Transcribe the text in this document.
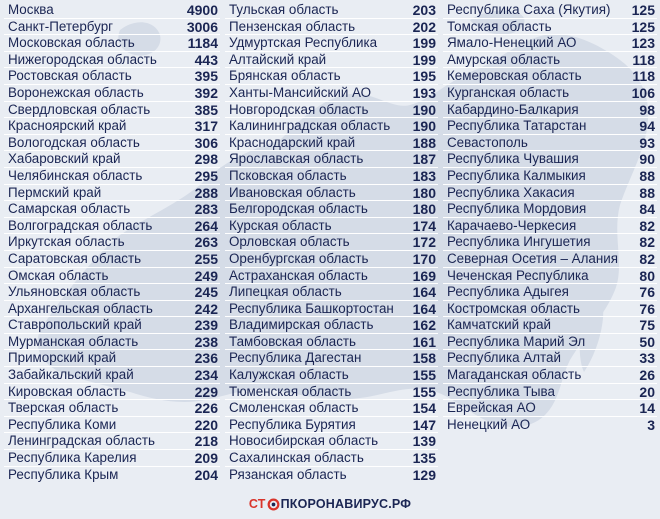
Москва	4900
Санкт-Петербург	3006
Московская область	1184
Нижегородская область	443
Ростовская область	395
Воронежская область	392
Свердловская область	385
Красноярский край	317
Вологодская область	306
Хабаровский край	298
Челябинская область	295
Пермский край	288
Самарская область	283
Волгоградская область	264
Иркутская область	263
Саратовская область	255
Омская область	249
Ульяновская область	245
Архангельская область	242
Ставропольский край	239
Мурманская область	238
Приморский край	236
Забайкальский край	234
Кировская область	229
Тверская область	226
Республика Коми	220
Ленинградская область	218
Республика Карелия	209
Республика Крым	204
Тульская область	203
Пензенская область	202
Удмуртская Республика	199
Алтайский край	199
Брянская область	195
Ханты-Мансийский АО	193
Новгородская область	190
Калининградская область 190
Краснодарский край	188
Ярославская область	187
Псковская область	183
Ивановская область	180
Белгородская область	180
Курская область	174
Орловская область	172
Оренбургская область	170
Астраханская область	169
Липецкая область	164
Республика Башкортостан 164
Владимирская область	162
Тамбовская область	161
Республика Дагестан	158
Калужская область	155
Тюменская область	155
Смоленская область	154
Республика Бурятия	147
Новосибирская область 139
Сахалинская область	135
Рязанская область	129
Республика Саха (Якутия) 125
Томская область	125
Ямало-Ненецкий АО	123
Амурская область	118
Кемеровская область	118
Курганская область	106
Кабардино-Балкария	98
Республика Татарстан	94
Севастополь	93
Республика Чувашия	90
Республика Калмыкия	88
Республика Хакасия	88
Республика Мордовия	84
Карачаево-Черкесия	82
Республика Ингушетия	82
Северная Осетия – Алания 82
Чеченская Республика	80
Республика Адыгея	76
Костромская область	76
Камчатский край	75
Республика Марий Эл	50
Республика Алтай	33
Магаданская область	26
Республика Тыва	20
Еврейская АО	14
Ненецкий АО	3
СТ ПКОРОНАВИРУС.РФ
